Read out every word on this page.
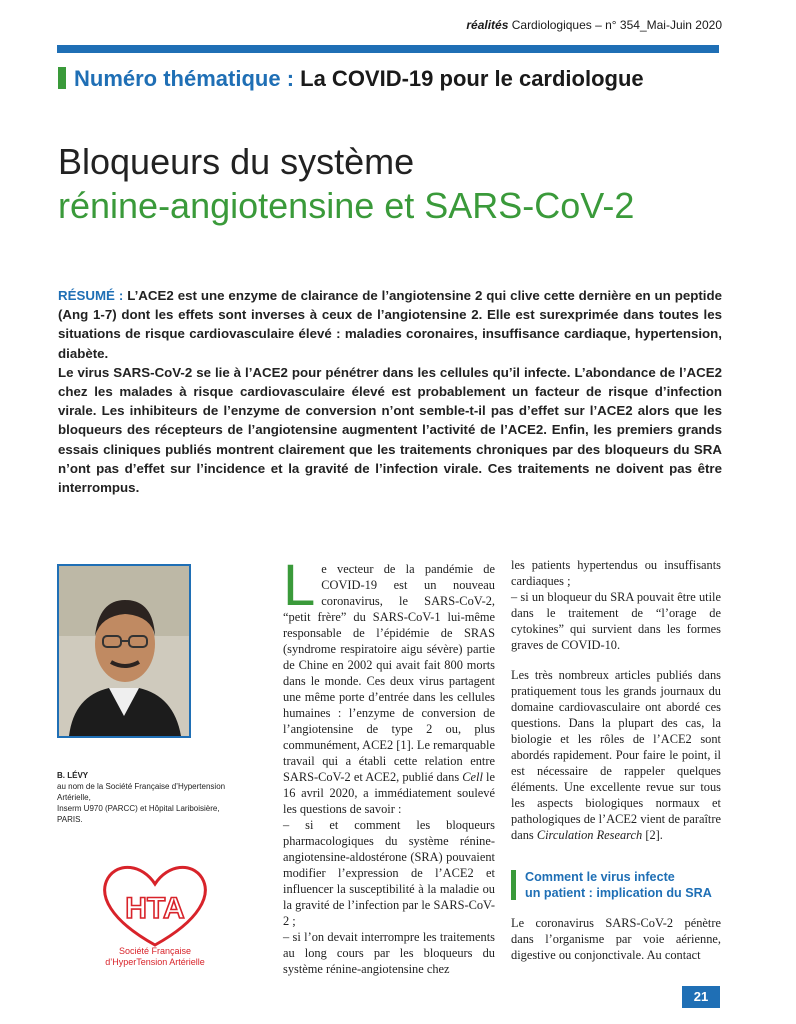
réalités Cardiologiques – n° 354_Mai-Juin 2020
Numéro thématique : La COVID-19 pour le cardiologue
Bloqueurs du système
rénine-angiotensine et SARS-CoV-2

RÉSUMÉ : L’ACE2 est une enzyme de clairance de l’angiotensine 2 qui clive cette dernière en un peptide (Ang 1-7) dont les effets sont inverses à ceux de l’angiotensine 2. Elle est surexprimée dans toutes les situations de risque cardiovasculaire élevé : maladies coronaires, insuffisance cardiaque, hypertension, diabète.

Le virus SARS-CoV-2 se lie à l’ACE2 pour pénétrer dans les cellules qu’il infecte. L’abondance de l’ACE2 chez les malades à risque cardiovasculaire élevé est probablement un facteur de risque d’infection virale. Les inhibiteurs de l’enzyme de conversion n’ont semble-t-il pas d’effet sur l’ACE2 alors que les bloqueurs des récepteurs de l’angiotensine augmentent l’activité de l’ACE2. Enfin, les premiers grands essais cliniques publiés montrent clairement que les traitements chroniques par des bloqueurs du SRA n’ont pas d’effet sur l’incidence et la gravité de l’infection virale. Ces traitements ne doivent pas être interrompus.

B. LÉVY
au nom de la Société Française d’Hypertension Artérielle,
Inserm U970 (PARCC) et Hôpital Lariboisière,
PARIS.
HTA
Société Française
d’HyperTension Artérielle

Le vecteur de la pandémie de COVID-19 est un nouveau coronavirus, le SARS-CoV-2, “petit frère” du SARS-CoV-1 lui-même responsable de l’épidémie de SRAS (syndrome respiratoire aigu sévère) partie de Chine en 2002 qui avait fait 800 morts dans le monde. Ces deux virus partagent une même porte d’entrée dans les cellules humaines : l’enzyme de conversion de l’angiotensine de type 2 ou, plus communément, ACE2 [1]. Le remarquable travail qui a établi cette relation entre SARS-CoV-2 et ACE2, publié dans Cell le 16 avril 2020, a immédiatement soulevé les questions de savoir :

– si et comment les bloqueurs pharmacologiques du système rénine-angiotensine-aldostérone (SRA) pouvaient modifier l’expression de l’ACE2 et influencer la susceptibilité à la maladie ou la gravité de l’infection par le SARS-CoV-2 ;

– si l’on devait interrompre les traitements au long cours par les bloqueurs du système rénine-angiotensine chez

les patients hypertendus ou insuffisants cardiaques ;

– si un bloqueur du SRA pouvait être utile dans le traitement de “l’orage de cytokines” qui survient dans les formes graves de COVID-10.

Les très nombreux articles publiés dans pratiquement tous les grands journaux du domaine cardiovasculaire ont abordé ces questions. Dans la plupart des cas, la biologie et les rôles de l’ACE2 sont abordés rapidement. Pour faire le point, il est nécessaire de rappeler quelques éléments. Une excellente revue sur tous les aspects biologiques normaux et pathologiques de l’ACE2 vient de paraître dans Circulation Research [2].

Comment le virus infecte
un patient : implication du SRA

Le coronavirus SARS-CoV-2 pénètre dans l’organisme par voie aérienne, digestive ou conjonctivale. Au contact

21
